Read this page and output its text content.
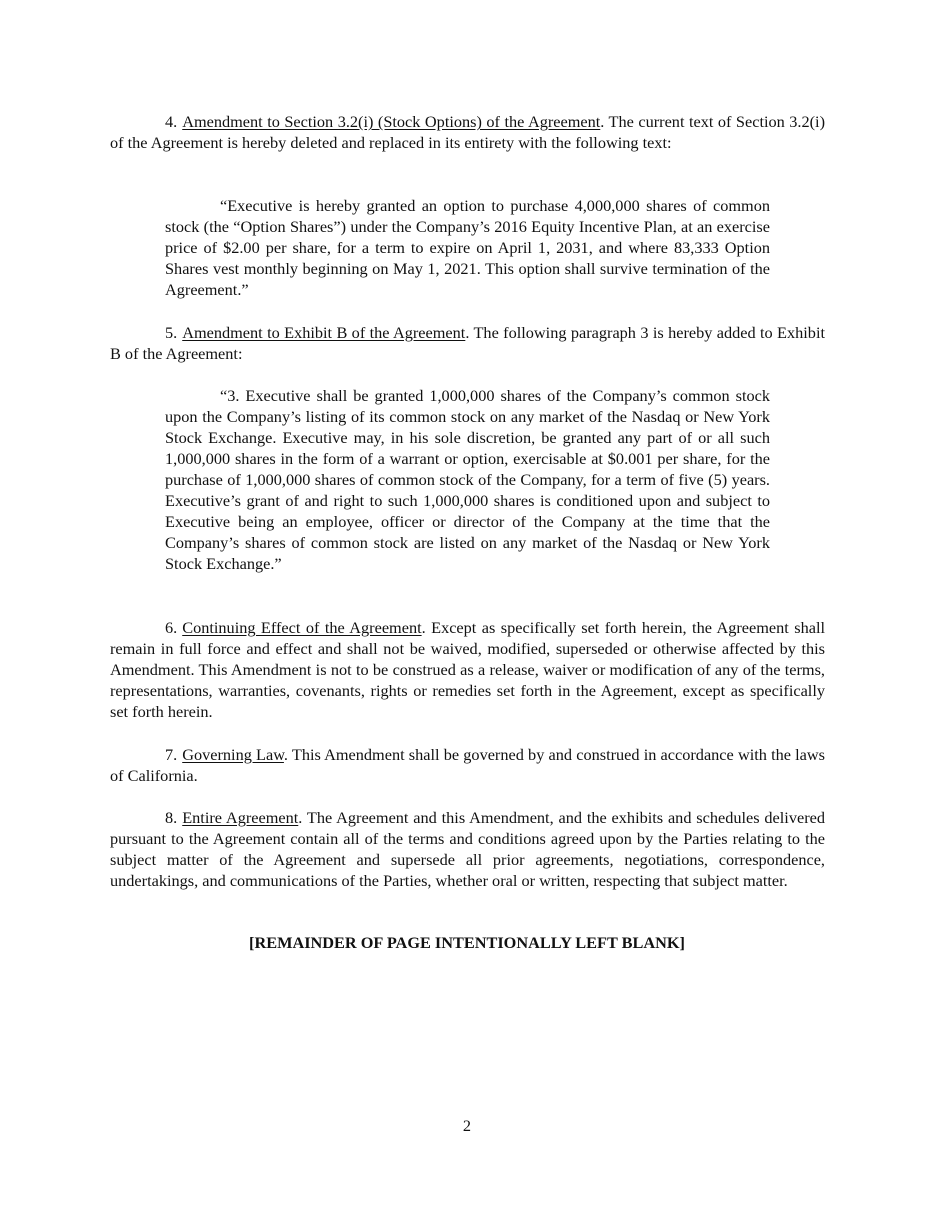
4. Amendment to Section 3.2(i) (Stock Options) of the Agreement. The current text of Section 3.2(i) of the Agreement is hereby deleted and replaced in its entirety with the following text:

“Executive is hereby granted an option to purchase 4,000,000 shares of common stock (the “Option Shares”) under the Company’s 2016 Equity Incentive Plan, at an exercise price of $2.00 per share, for a term to expire on April 1, 2031, and where 83,333 Option Shares vest monthly beginning on May 1, 2021. This option shall survive termination of the Agreement.”

5. Amendment to Exhibit B of the Agreement. The following paragraph 3 is hereby added to Exhibit B of the Agreement:

“3. Executive shall be granted 1,000,000 shares of the Company’s common stock upon the Company’s listing of its common stock on any market of the Nasdaq or New York Stock Exchange. Executive may, in his sole discretion, be granted any part of or all such 1,000,000 shares in the form of a warrant or option, exercisable at $0.001 per share, for the purchase of 1,000,000 shares of common stock of the Company, for a term of five (5) years. Executive’s grant of and right to such 1,000,000 shares is conditioned upon and subject to Executive being an employee, officer or director of the Company at the time that the Company’s shares of common stock are listed on any market of the Nasdaq or New York Stock Exchange.”

6. Continuing Effect of the Agreement. Except as specifically set forth herein, the Agreement shall remain in full force and effect and shall not be waived, modified, superseded or otherwise affected by this Amendment. This Amendment is not to be construed as a release, waiver or modification of any of the terms, representations, warranties, covenants, rights or remedies set forth in the Agreement, except as specifically set forth herein.

7. Governing Law. This Amendment shall be governed by and construed in accordance with the laws of California.

8. Entire Agreement. The Agreement and this Amendment, and the exhibits and schedules delivered pursuant to the Agreement contain all of the terms and conditions agreed upon by the Parties relating to the subject matter of the Agreement and supersede all prior agreements, negotiations, correspondence, undertakings, and communications of the Parties, whether oral or written, respecting that subject matter.

[REMAINDER OF PAGE INTENTIONALLY LEFT BLANK]

2
